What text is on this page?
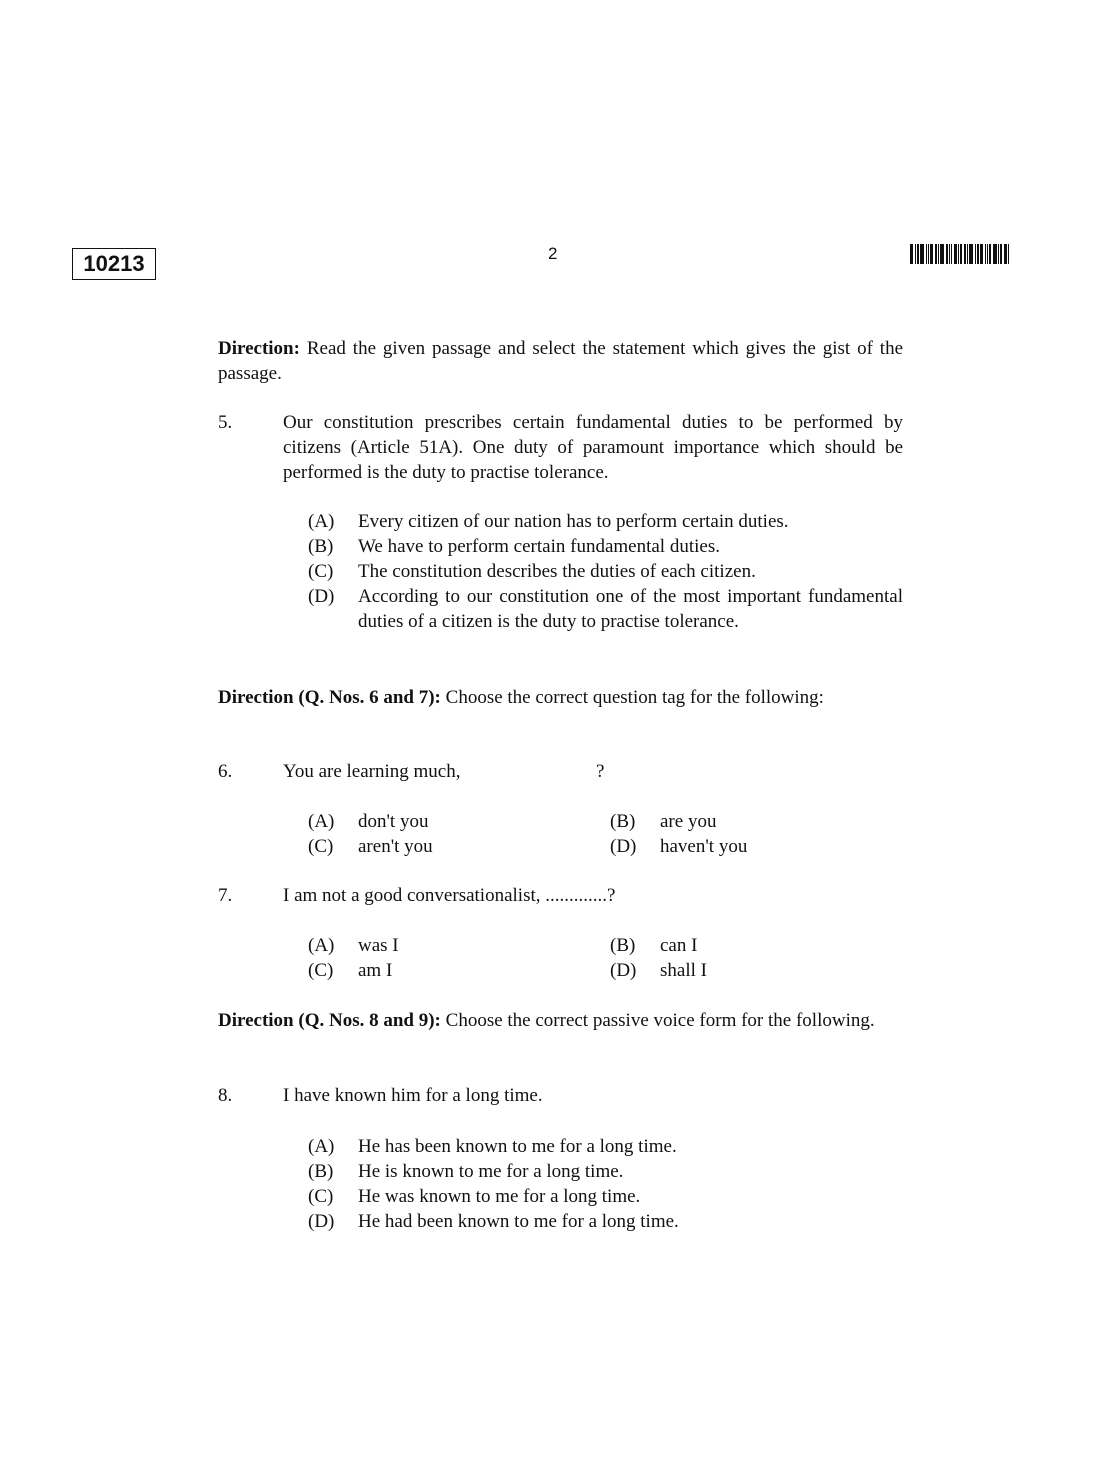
10213	2
Direction: Read the given passage and select the statement which gives the gist of the passage.
5.	Our constitution prescribes certain fundamental duties to be performed by citizens (Article 51A). One duty of paramount importance which should be performed is the duty to practise tolerance.
(A) Every citizen of our nation has to perform certain duties.
(B) We have to perform certain fundamental duties.
(C) The constitution describes the duties of each citizen.
(D) According to our constitution one of the most important fundamental duties of a citizen is the duty to practise tolerance.
Direction (Q. Nos. 6 and 7): Choose the correct question tag for the following:
6.	You are learning much,	?
(A) don't you	(B) are you
(C) aren't you	(D) haven't you
7.	I am not a good conversationalist, .............?
(A) was I	(B) can I
(C) am I	(D) shall I
Direction (Q. Nos. 8 and 9): Choose the correct passive voice form for the following.
8.	I have known him for a long time.
(A) He has been known to me for a long time.
(B) He is known to me for a long time.
(C) He was known to me for a long time.
(D) He had been known to me for a long time.
